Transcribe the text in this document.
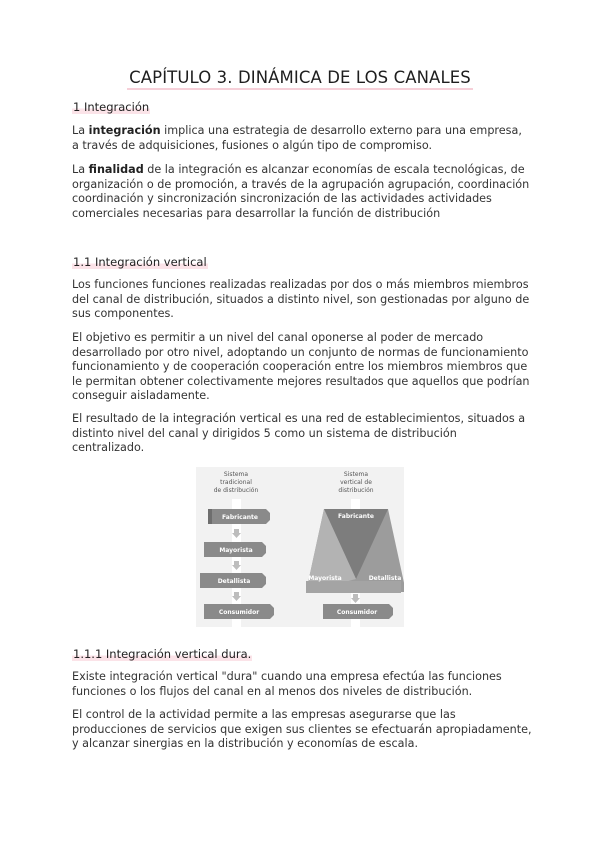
CAPÍTULO 3. DINÁMICA DE LOS CANALES
1 Integración

La integración implica una estrategia de desarrollo externo para una empresa, a través de adquisiciones, fusiones o algún tipo de compromiso.

La finalidad de la integración es alcanzar economías de escala tecnológicas, de organización o de promoción, a través de la agrupación agrupación, coordinación coordinación y sincronización sincronización de las actividades actividades comerciales necesarias para desarrollar la función de distribución

1.1 Integración vertical

Los funciones funciones realizadas realizadas por dos o más miembros miembros del canal de distribución, situados a distinto nivel, son gestionadas por alguno de sus componentes.

El objetivo es permitir a un nivel del canal oponerse al poder de mercado desarrollado por otro nivel, adoptando un conjunto de normas de funcionamiento funcionamiento y de cooperación cooperación entre los miembros miembros que le permitan obtener colectivamente mejores resultados que aquellos que podrían conseguir aisladamente.

El resultado de la integración vertical es una red de establecimientos, situados a distinto nivel del canal y dirigidos 5 como un sistema de distribución centralizado.

Sistema
tradicional
de distribución
Sistema
vertical de
distribución
Fabricante
Mayorista
Detallista
Consumidor
Fabricante
Mayorista	Detallista
Consumidor
1.1.1 Integración vertical dura.

Existe integración vertical "dura" cuando una empresa efectúa las funciones funciones o los flujos del canal en al menos dos niveles de distribución.

El control de la actividad permite a las empresas asegurarse que las producciones de servicios que exigen sus clientes se efectuarán apropiadamente, y alcanzar sinergias en la distribución y economías de escala.
